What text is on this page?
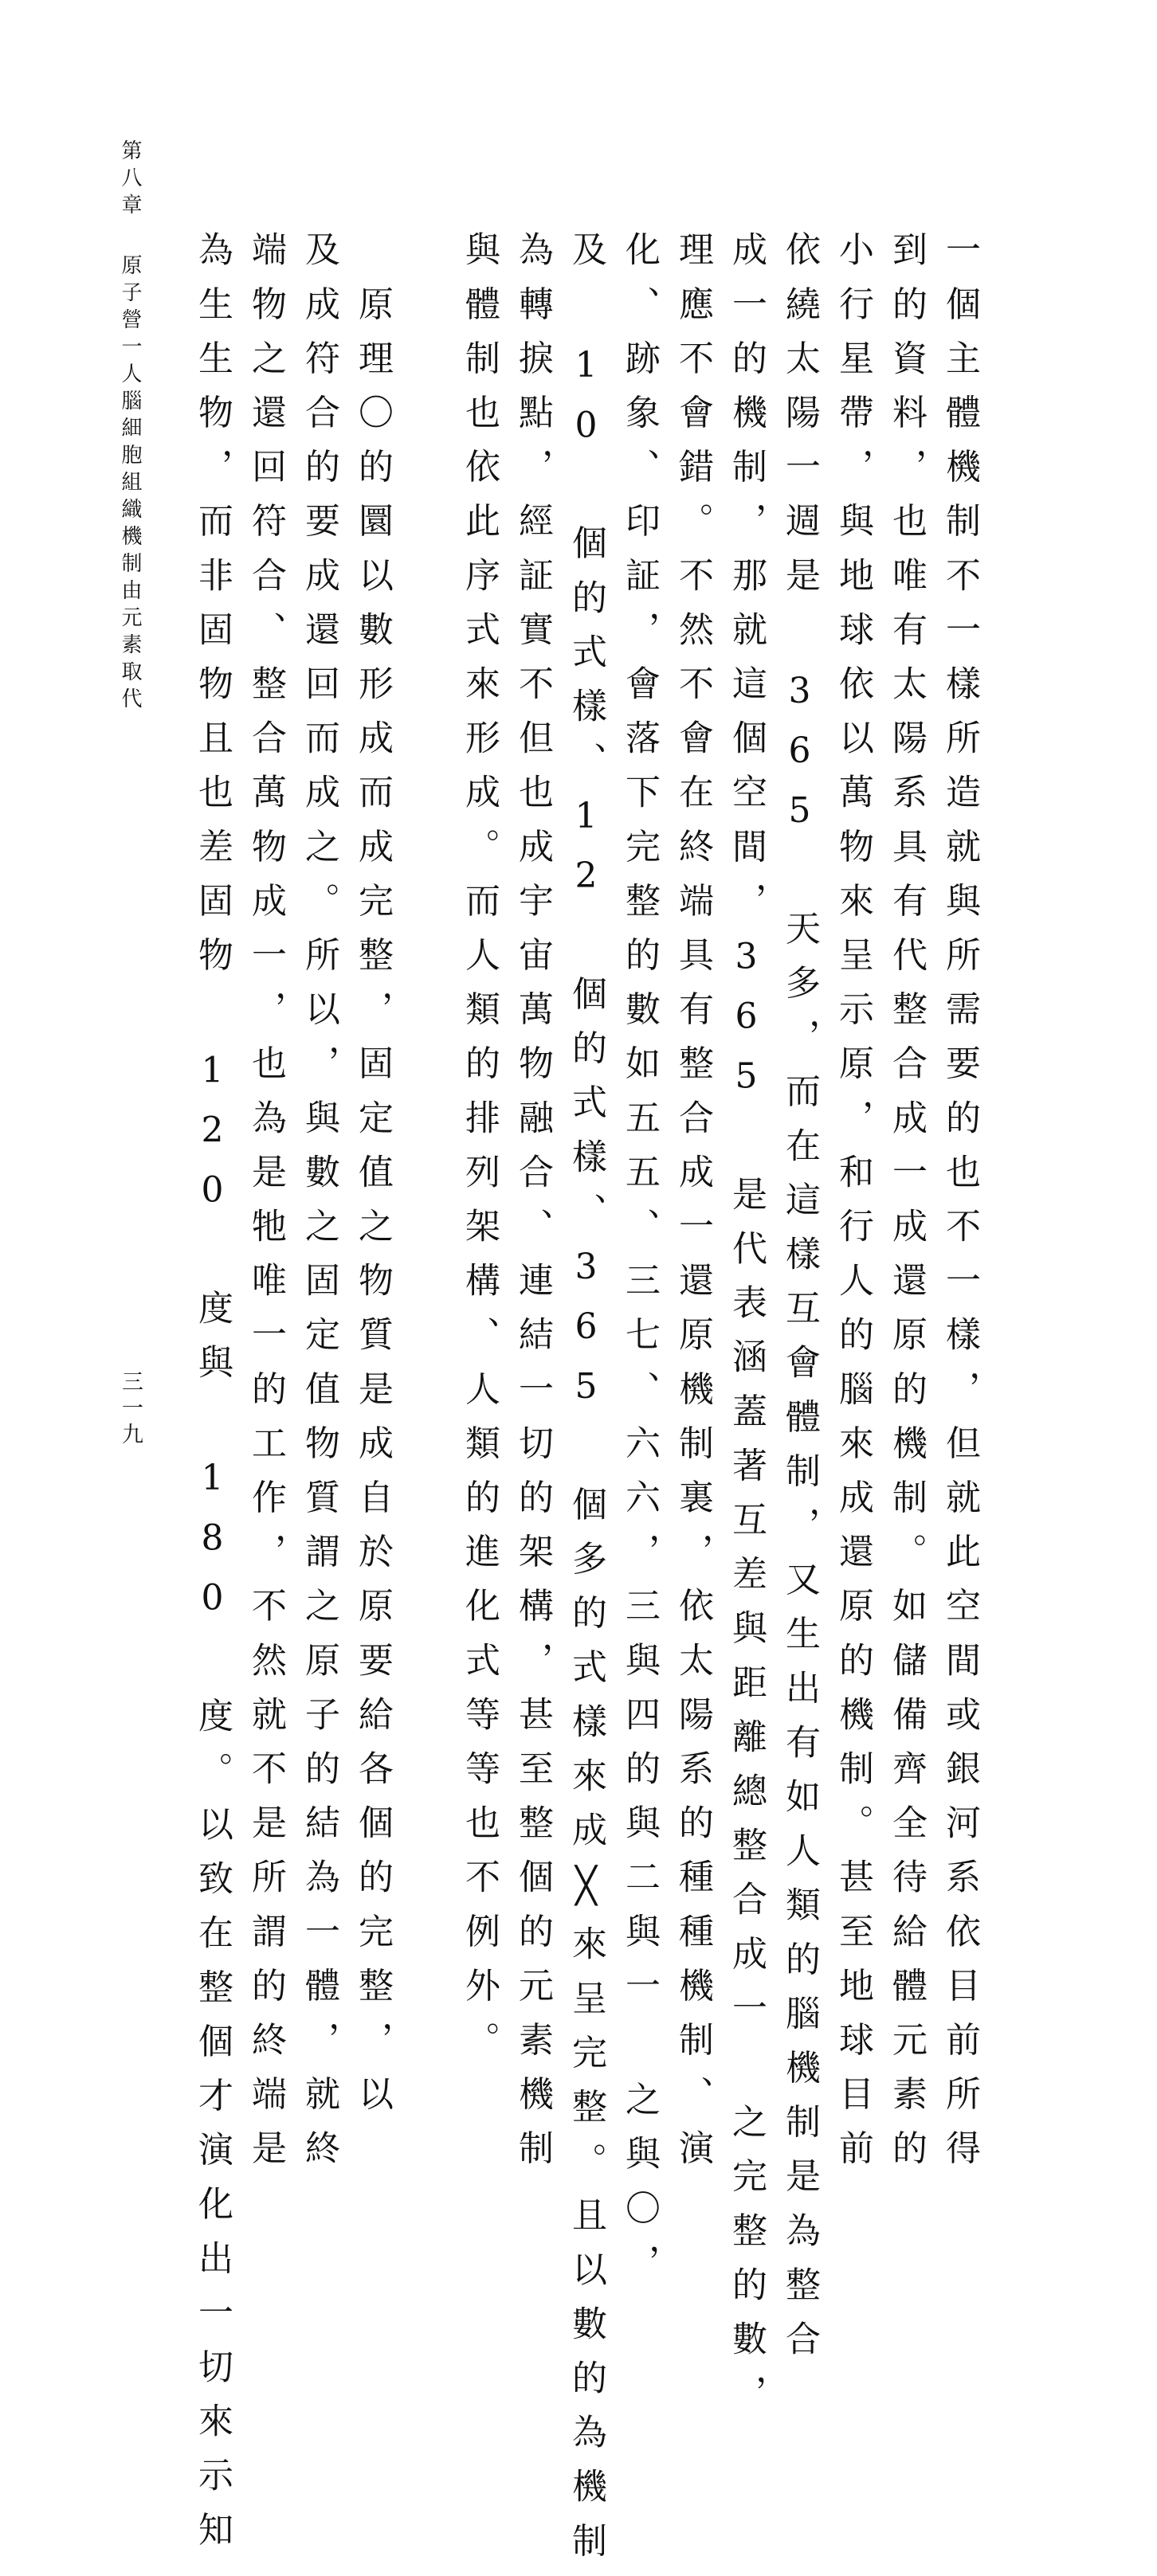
一個主體機制不一樣所造就與所需要的也不一樣，但就此空間或銀河系依目前所得
到的資料，也唯有太陽系具有代整合成一成還原的機制。如儲備齊全待給體元素的
小行星帶，與地球依以萬物來呈示原，和行人的腦來成還原的機制。甚至地球目前
依繞太陽一週是 365 天多，而在這樣互會體制，又生出有如人類的腦機制是為整合
成一的機制，那就這個空間，365 是代表涵蓋著互差與距離總整合成一 之完整的數，
理應不會錯。不然不會在終端具有整合成一還原機制裏，依太陽系的種種機制、演
化、跡象、印証，會落下完整的數如五五、三七、六六，三與四的與二與一 之與〇，
及 10 個的式樣、12 個的式樣、365 個多的式樣來成╳來呈完整。且以數的為機制
為轉捩點，經証實不但也成宇宙萬物融合、連結一切的架構，甚至整個的元素機制
與體制也依此序式來形成。而人類的排列架構、人類的進化式等等也不例外。
　原理〇的圜以數形成而成完整，固定值之物質是成自於原要給各個的完整，以
及成符合的要成還回而成之。所以，與數之固定值物質謂之原子的結為一體，就終
端物之還回符合、整合萬物成一，也為是牠唯一的工作，不然就不是所謂的終端是
為生生物，而非固物且也差固物 120 度與 180 度。以致在整個才演化出一切來示知
第八章原子營一人腦細胞組織機制由元素取代
三一九
